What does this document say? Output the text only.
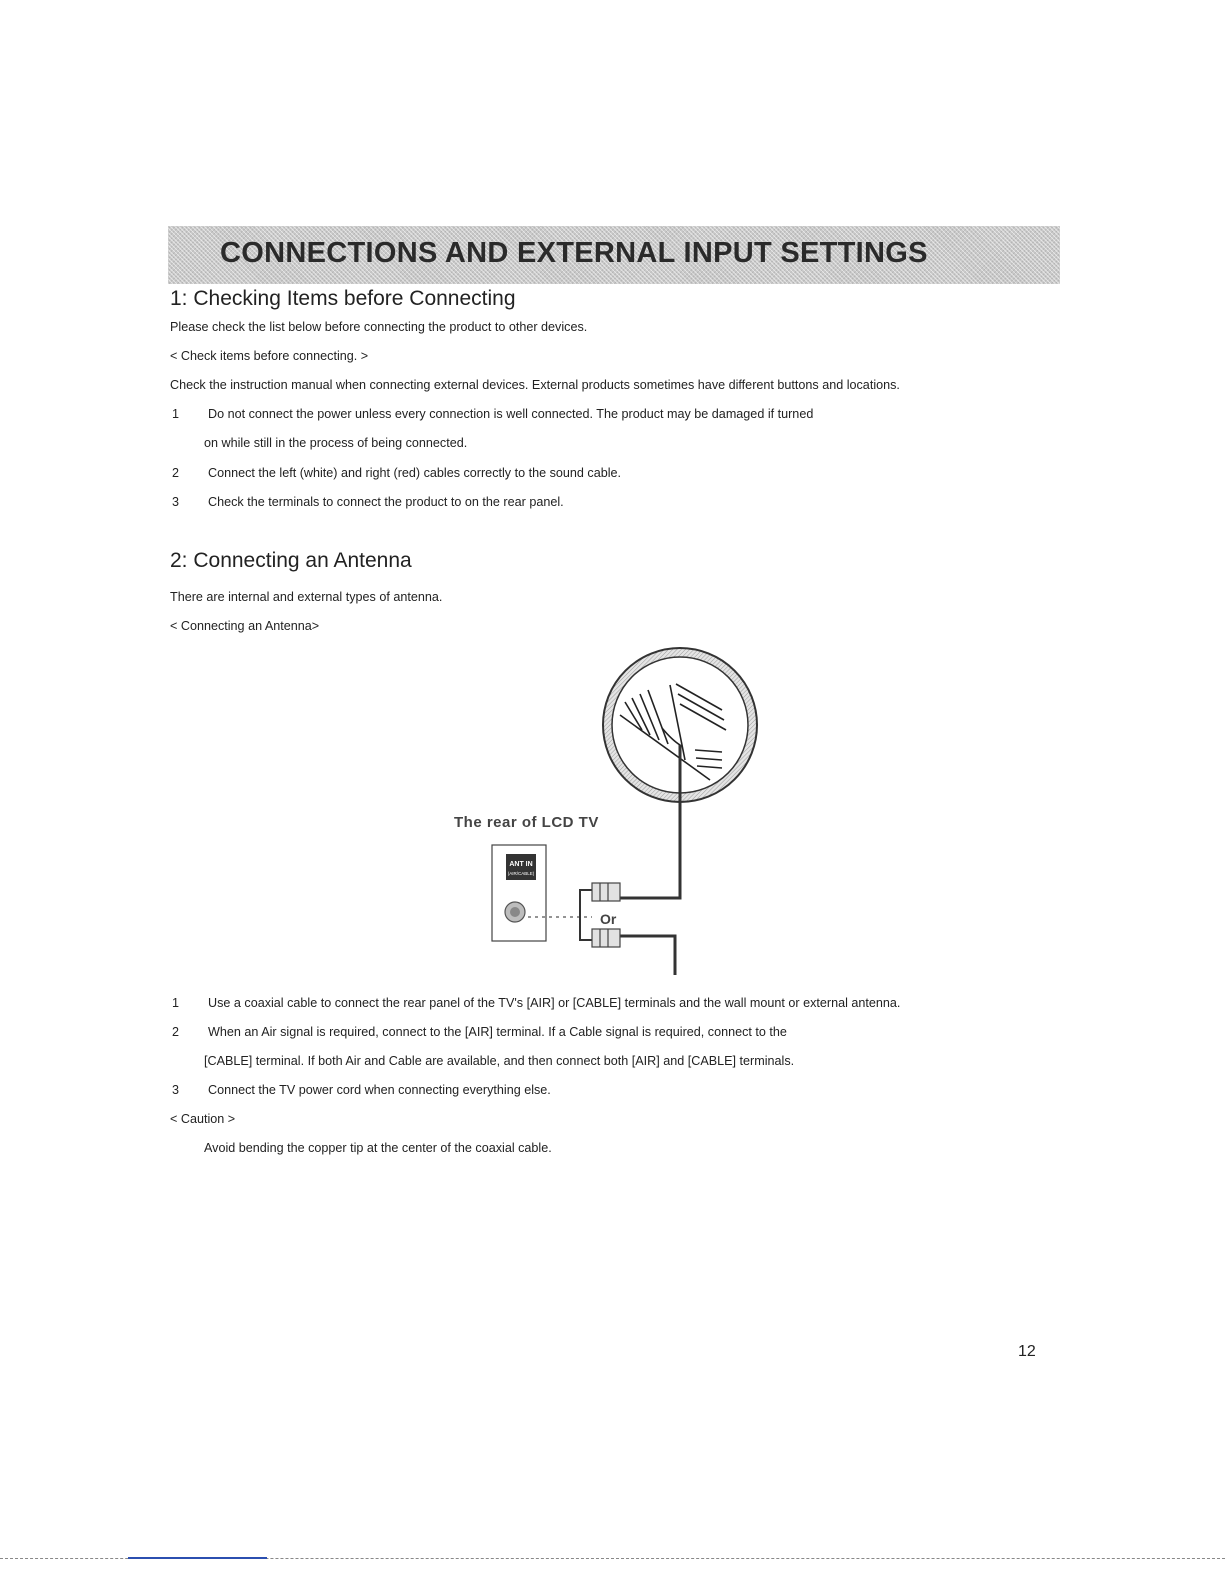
CONNECTIONS AND EXTERNAL INPUT SETTINGS
1: Checking Items before Connecting

Please check the list below before connecting the product to other devices.

< Check items before connecting. >

Check the instruction manual when connecting external devices. External products sometimes have different buttons and locations.

1 Do not connect the power unless every connection is well connected. The product may be damaged if turned

on while still in the process of being connected.

2 Connect the left (white) and right (red) cables correctly to the sound cable.

3 Check the terminals to connect the product to on the rear panel.

2: Connecting an Antenna

There are internal and external types of antenna.

< Connecting an Antenna>

The rear of LCD TV
ANT IN
(AIR/CABLE)
Or
1 Use a coaxial cable to connect the rear panel of the TV's [AIR] or [CABLE] terminals and the wall mount or external antenna.

2 When an Air signal is required, connect to the [AIR] terminal. If a Cable signal is required, connect to the

[CABLE] terminal. If both Air and Cable are available, and then connect both [AIR] and [CABLE] terminals.

3 Connect the TV power cord when connecting everything else.

< Caution >

Avoid bending the copper tip at the center of the coaxial cable.

12
